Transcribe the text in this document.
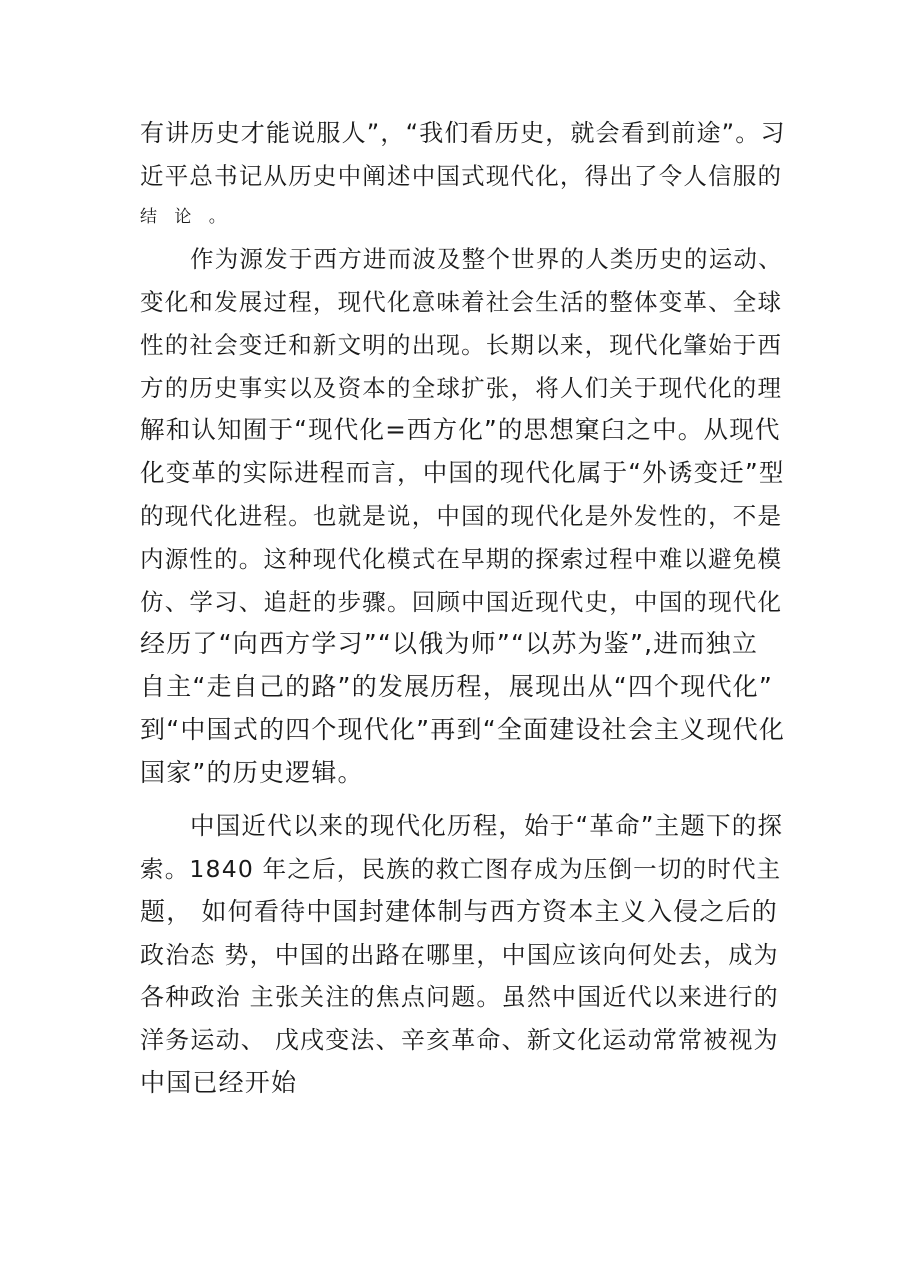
有讲历史才能说服人”，“我们看历史，就会看到前途”。习

近平总书记从历史中阐述中国式现代化，得出了令人信服的

结 论 。

作为源发于西方进而波及整个世界的人类历史的运动、

变化和发展过程，现代化意味着社会生活的整体变革、全球

性的社会变迁和新文明的出现。长期以来，现代化肇始于西

方的历史事实以及资本的全球扩张，将人们关于现代化的理

解和认知囿于“现代化=西方化”的思想窠臼之中。从现代

化变革的实际进程而言，中国的现代化属于“外诱变迁”型

的现代化进程。也就是说，中国的现代化是外发性的，不是

内源性的。这种现代化模式在早期的探索过程中难以避免模

仿、学习、追赶的步骤。回顾中国近现代史，中国的现代化

经历了“向西方学习”“以俄为师”“以苏为鉴”,进而独立

自主“走自己的路”的发展历程，展现出从“四个现代化”

到“中国式的四个现代化”再到“全面建设社会主义现代化

国家”的历史逻辑。

中国近代以来的现代化历程，始于“革命”主题下的探

索。1840 年之后，民族的救亡图存成为压倒一切的时代主

题， 如何看待中国封建体制与西方资本主义入侵之后的

政治态 势，中国的出路在哪里，中国应该向何处去，成为

各种政治 主张关注的焦点问题。虽然中国近代以来进行的

洋务运动、 戊戌变法、辛亥革命、新文化运动常常被视为

中国已经开始
